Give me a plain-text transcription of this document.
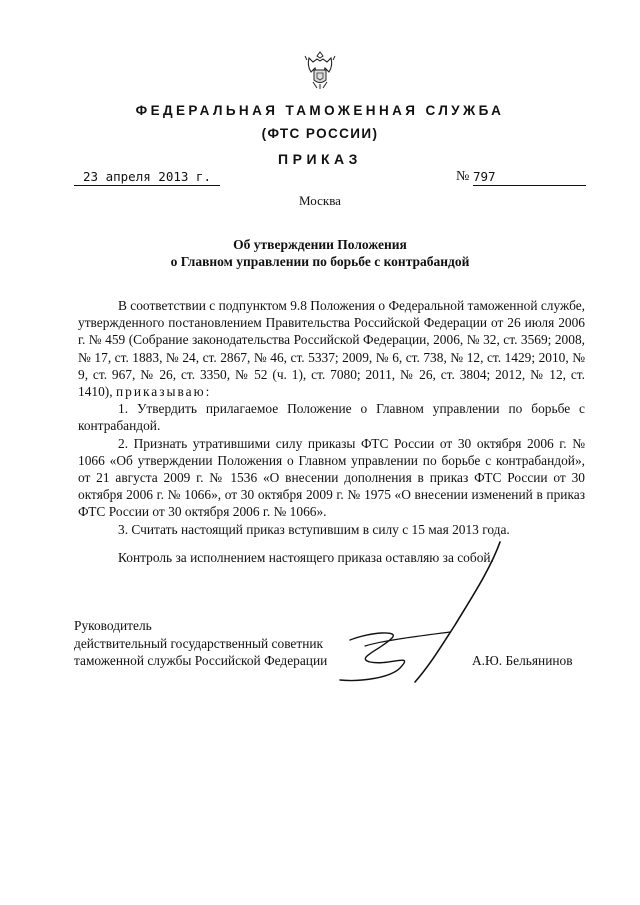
ФЕДЕРАЛЬНАЯ ТАМОЖЕННАЯ СЛУЖБА
(ФТС РОССИИ)
ПРИКАЗ
23 апреля 2013 г.	№ 797
Москва
Об утверждении Положения
о Главном управлении по борьбе с контрабандой

В соответствии с подпунктом 9.8 Положения о Федеральной таможенной службе, утвержденного постановлением Правительства Российской Федерации от 26 июля 2006 г. № 459 (Собрание законодательства Российской Федерации, 2006, № 32, ст. 3569; 2008, № 17, ст. 1883, № 24, ст. 2867, № 46, ст. 5337; 2009, № 6, ст. 738, № 12, ст. 1429; 2010, № 9, ст. 967, № 26, ст. 3350, № 52 (ч. 1), ст. 7080; 2011, № 26, ст. 3804; 2012, № 12, ст. 1410), приказываю:

1. Утвердить прилагаемое Положение о Главном управлении по борьбе с контрабандой.

2. Признать утратившими силу приказы ФТС России от 30 октября 2006 г. № 1066 «Об утверждении Положения о Главном управлении по борьбе с контрабандой», от 21 августа 2009 г. № 1536 «О внесении дополнения в приказ ФТС России от 30 октября 2006 г. № 1066», от 30 октября 2009 г. № 1975 «О внесении изменений в приказ ФТС России от 30 октября 2006 г. № 1066».

3. Считать настоящий приказ вступившим в силу с 15 мая 2013 года.

Контроль за исполнением настоящего приказа оставляю за собой.
Руководитель
действительный государственный советник
таможенной службы Российской Федерации	А.Ю. Бельянинов
